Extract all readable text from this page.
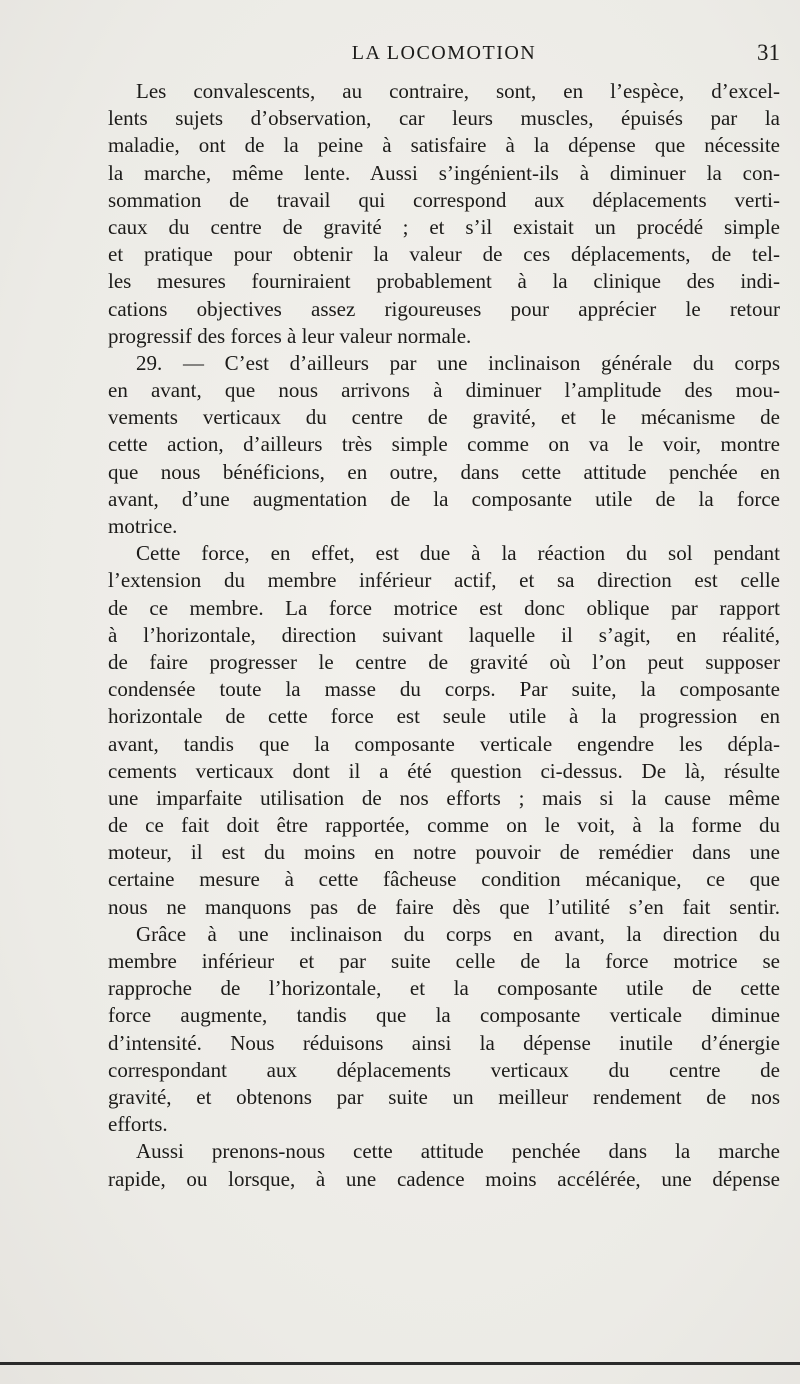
LA LOCOMOTION	31
Les convalescents, au contraire, sont, en l’espèce, d’excel-
lents sujets d’observation, car leurs muscles, épuisés par la
maladie, ont de la peine à satisfaire à la dépense que nécessite
la marche, même lente. Aussi s’ingénient-ils à diminuer la con-
sommation de travail qui correspond aux déplacements verti-
caux du centre de gravité ; et s’il existait un procédé simple
et pratique pour obtenir la valeur de ces déplacements, de tel-
les mesures fourniraient probablement à la clinique des indi-
cations objectives assez rigoureuses pour apprécier le retour
progressif des forces à leur valeur normale.
29. — C’est d’ailleurs par une inclinaison générale du corps
en avant, que nous arrivons à diminuer l’amplitude des mou-
vements verticaux du centre de gravité, et le mécanisme de
cette action, d’ailleurs très simple comme on va le voir, montre
que nous bénéficions, en outre, dans cette attitude penchée en
avant, d’une augmentation de la composante utile de la force
motrice.
Cette force, en effet, est due à la réaction du sol pendant
l’extension du membre inférieur actif, et sa direction est celle
de ce membre. La force motrice est donc oblique par rapport
à l’horizontale, direction suivant laquelle il s’agit, en réalité,
de faire progresser le centre de gravité où l’on peut supposer
condensée toute la masse du corps. Par suite, la composante
horizontale de cette force est seule utile à la progression en
avant, tandis que la composante verticale engendre les dépla-
cements verticaux dont il a été question ci-dessus. De là, résulte
une imparfaite utilisation de nos efforts ; mais si la cause même
de ce fait doit être rapportée, comme on le voit, à la forme du
moteur, il est du moins en notre pouvoir de remédier dans une
certaine mesure à cette fâcheuse condition mécanique, ce que
nous ne manquons pas de faire dès que l’utilité s’en fait sentir.
Grâce à une inclinaison du corps en avant, la direction du
membre inférieur et par suite celle de la force motrice se
rapproche de l’horizontale, et la composante utile de cette
force augmente, tandis que la composante verticale diminue
d’intensité. Nous réduisons ainsi la dépense inutile d’énergie
correspondant aux déplacements verticaux du centre de
gravité, et obtenons par suite un meilleur rendement de nos
efforts.
Aussi prenons-nous cette attitude penchée dans la marche
rapide, ou lorsque, à une cadence moins accélérée, une dépense
